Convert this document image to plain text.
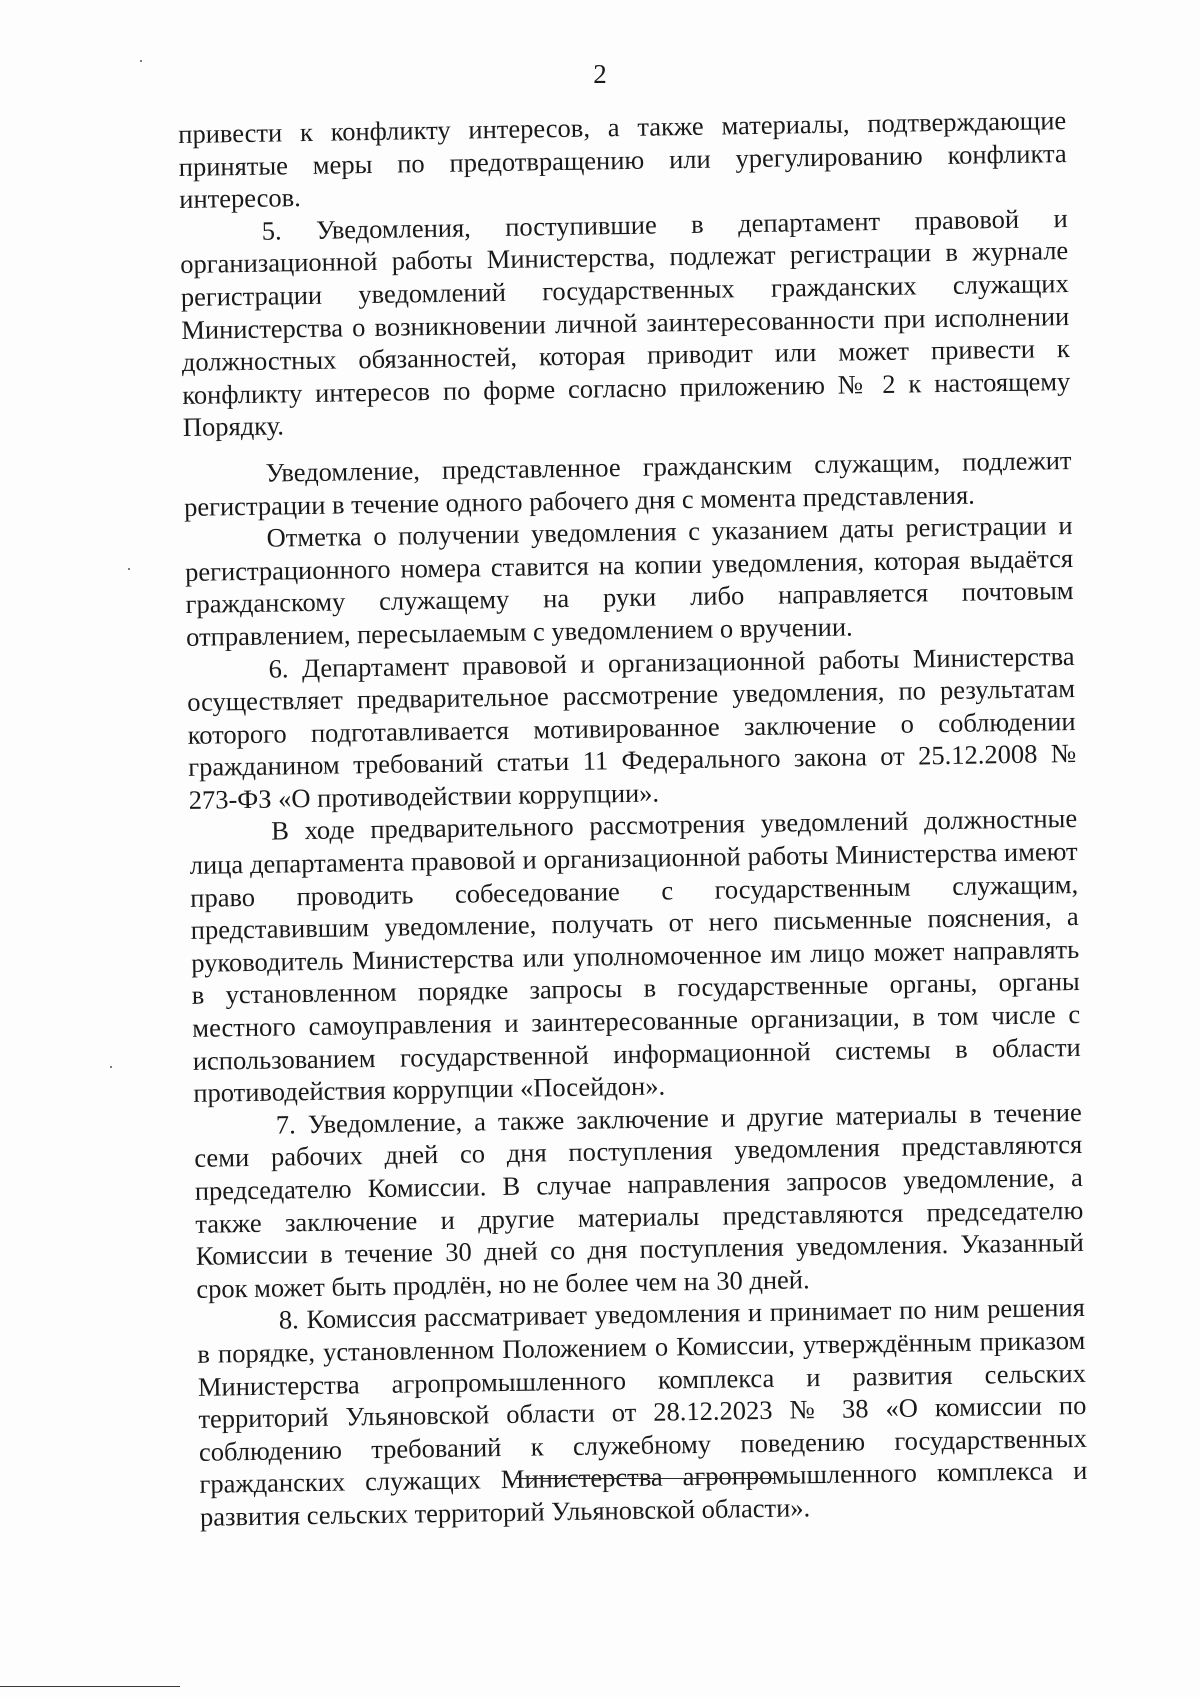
2

привести к конфликту интересов, а также материалы, подтверждающие принятые меры по предотвращению или урегулированию конфликта интересов.

5. Уведомления, поступившие в департамент правовой и организационной работы Министерства, подлежат регистрации в журнале регистрации уведомлений государственных гражданских служащих Министерства о возникновении личной заинтересованности при исполнении должностных обязанностей, которая приводит или может привести к конфликту интересов по форме согласно приложению № 2 к настоящему Порядку.

Уведомление, представленное гражданским служащим, подлежит регистрации в течение одного рабочего дня с момента представления.

Отметка о получении уведомления с указанием даты регистрации и регистрационного номера ставится на копии уведомления, которая выдаётся гражданскому служащему на руки либо направляется почтовым отправлением, пересылаемым с уведомлением о вручении.

6. Департамент правовой и организационной работы Министерства осуществляет предварительное рассмотрение уведомления, по результатам которого подготавливается мотивированное заключение о соблюдении гражданином требований статьи 11 Федерального закона от 25.12.2008 № 273-ФЗ «О противодействии коррупции».

В ходе предварительного рассмотрения уведомлений должностные лица департамента правовой и организационной работы Министерства имеют право проводить собеседование с государственным служащим, представившим уведомление, получать от него письменные пояснения, а руководитель Министерства или уполномоченное им лицо может направлять в установленном порядке запросы в государственные органы, органы местного самоуправления и заинтересованные организации, в том числе с использованием государственной информационной системы в области противодействия коррупции «Посейдон».

7. Уведомление, а также заключение и другие материалы в течение семи рабочих дней со дня поступления уведомления представляются председателю Комиссии. В случае направления запросов уведомление, а также заключение и другие материалы представляются председателю Комиссии в течение 30 дней со дня поступления уведомления. Указанный срок может быть продлён, но не более чем на 30 дней.

8. Комиссия рассматривает уведомления и принимает по ним решения в порядке, установленном Положением о Комиссии, утверждённым приказом Министерства агропромышленного комплекса и развития сельских территорий Ульяновской области от 28.12.2023 № 38 «О комиссии по соблюдению требований к служебному поведению государственных гражданских служащих Министерства агропромышленного комплекса и развития сельских территорий Ульяновской области».
